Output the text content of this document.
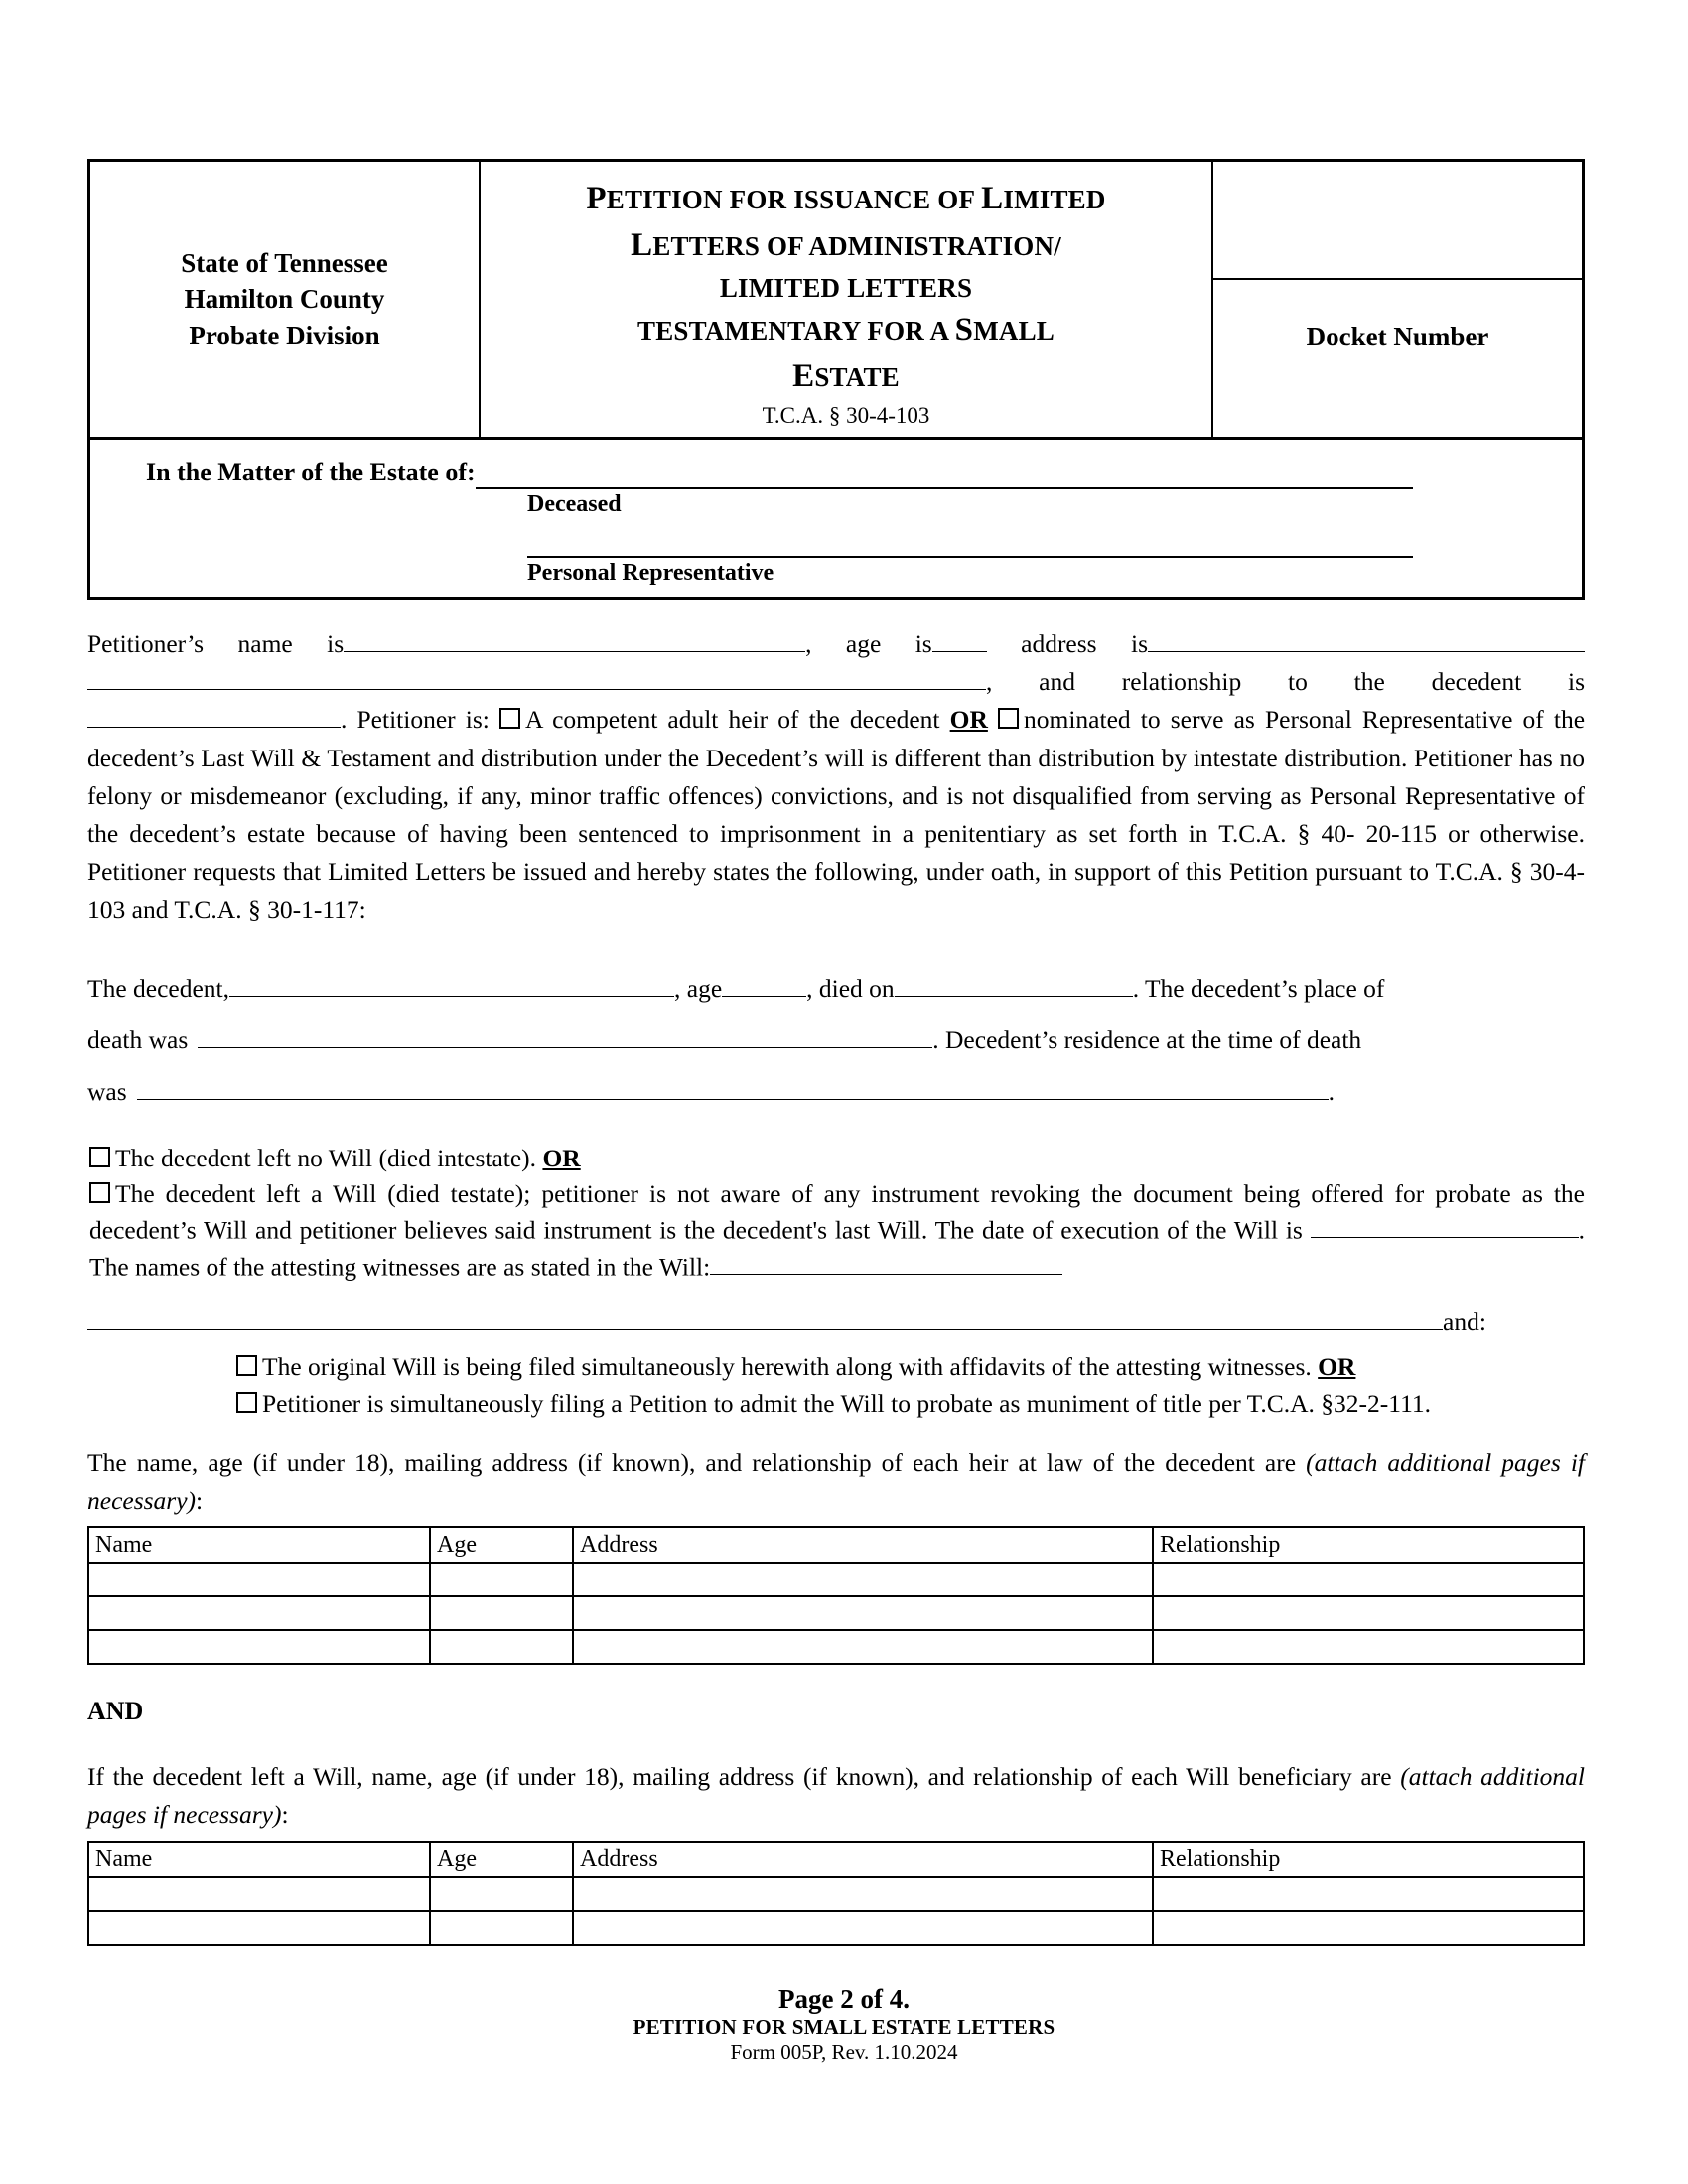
State of Tennessee
Hamilton County
Probate Division

PETITION FOR ISSUANCE OF LIMITED
LETTERS OF ADMINISTRATION/
LIMITED LETTERS
TESTAMENTARY FOR A SMALL
ESTATE
T.C.A. § 30-4-103

Docket Number
In the Matter of the Estate of:
Deceased
Personal Representative

Petitioner’s name is	, age is	address is, and relationship to the decedent is . Petitioner is: A competent adult heir of the decedent OR nominated to serve as Personal Representative of the decedent’s Last Will & Testament and distribution under the Decedent’s will is different than distribution by intestate distribution. Petitioner has no felony or misdemeanor (excluding, if any, minor traffic offences) convictions, and is not disqualified from serving as Personal Representative of the decedent’s estate because of having been sentenced to imprisonment in a penitentiary as set forth in T.C.A. § 40- 20-115 or otherwise. Petitioner requests that Limited Letters be issued and hereby states the following, under oath, in support of this Petition pursuant to T.C.A. § 30-4-103 and T.C.A. § 30-1-117:

The decedent,	, age	, died on	. The decedent’s place of
death was	. Decedent’s residence at the time of death
was	.
The decedent left no Will (died intestate). OR
The decedent left a Will (died testate); petitioner is not aware of any instrument revoking the document being offered for probate as the decedent’s Will and petitioner believes said instrument is the decedent's last Will. The date of execution of the Will is	. The names of the attesting witnesses are as stated in the Will:
and:
The original Will is being filed simultaneously herewith along with affidavits of the attesting witnesses. OR
Petitioner is simultaneously filing a Petition to admit the Will to probate as muniment of title per T.C.A. §32-2-111.

The name, age (if under 18), mailing address (if known), and relationship of each heir at law of the decedent are (attach additional pages if necessary):

Name	Age	Address	Relationship

AND

If the decedent left a Will, name, age (if under 18), mailing address (if known), and relationship of each Will beneficiary are (attach additional pages if necessary):

Name	Age	Address	Relationship

Page 2 of 4.
PETITION FOR SMALL ESTATE LETTERS
Form 005P, Rev. 1.10.2024
